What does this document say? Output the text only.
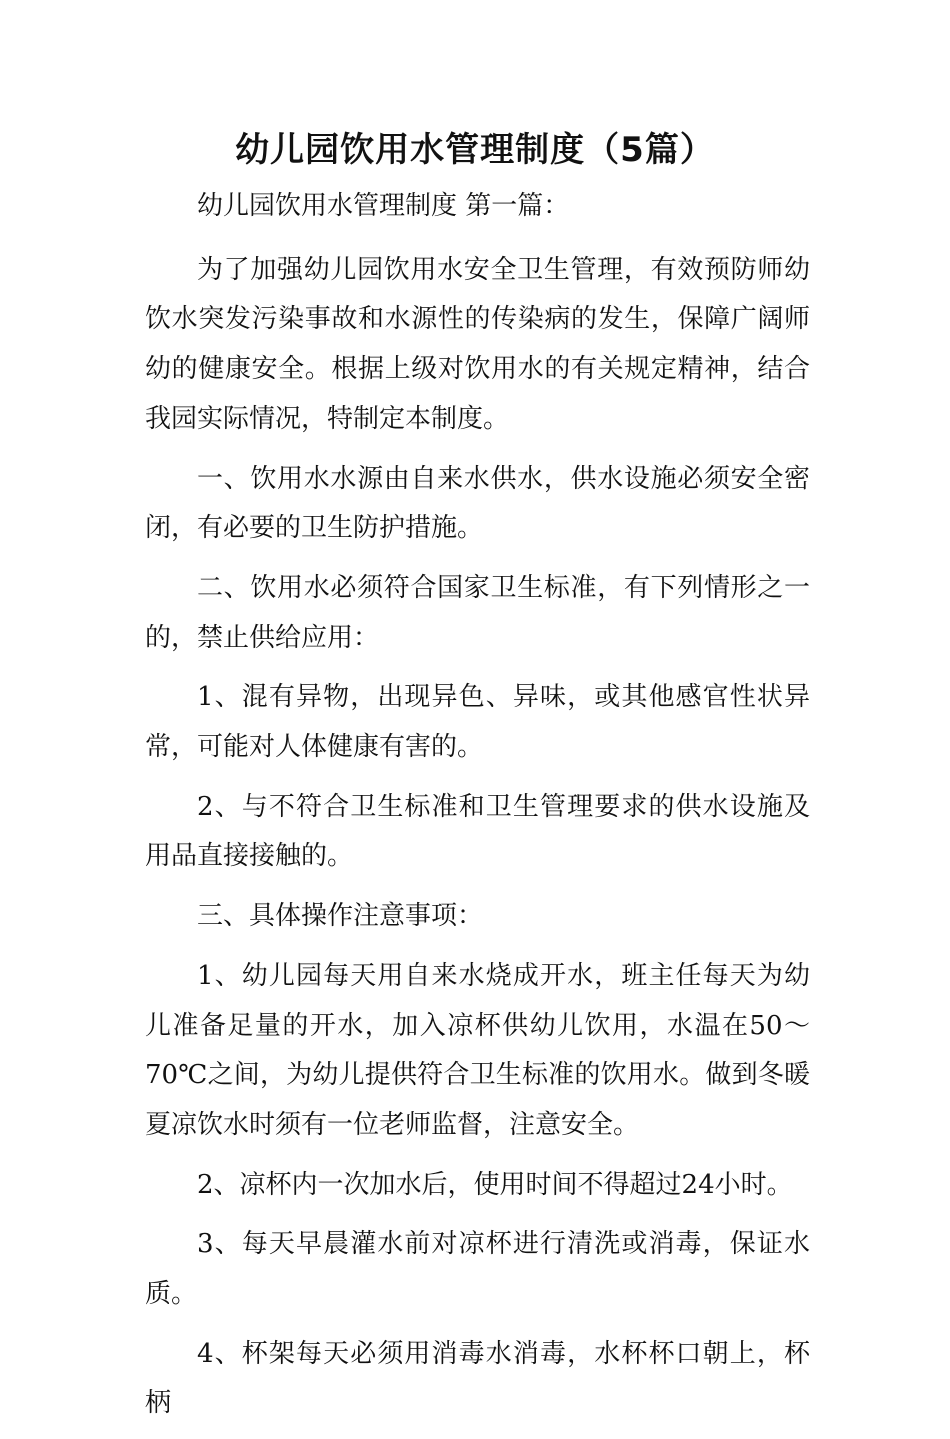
幼儿园饮用水管理制度（5篇）

幼儿园饮用水管理制度 第一篇：

为了加强幼儿园饮用水安全卫生管理，有效预防师幼饮水突发污染事故和水源性的传染病的发生，保障广阔师幼的健康安全。根据上级对饮用水的有关规定精神，结合我园实际情况，特制定本制度。

一、饮用水水源由自来水供水，供水设施必须安全密闭，有必要的卫生防护措施。

二、饮用水必须符合国家卫生标准，有下列情形之一的，禁止供给应用：

1、混有异物，出现异色、异味，或其他感官性状异常，可能对人体健康有害的。

2、与不符合卫生标准和卫生管理要求的供水设施及用品直接接触的。

三、具体操作注意事项：

1、幼儿园每天用自来水烧成开水，班主任每天为幼儿准备足量的开水，加入凉杯供幼儿饮用，水温在50～70℃之间，为幼儿提供符合卫生标准的饮用水。做到冬暖夏凉饮水时须有一位老师监督，注意安全。

2、凉杯内一次加水后，使用时间不得超过24小时。

3、每天早晨灌水前对凉杯进行清洗或消毒，保证水质。

4、杯架每天必须用消毒水消毒，水杯杯口朝上，杯柄
